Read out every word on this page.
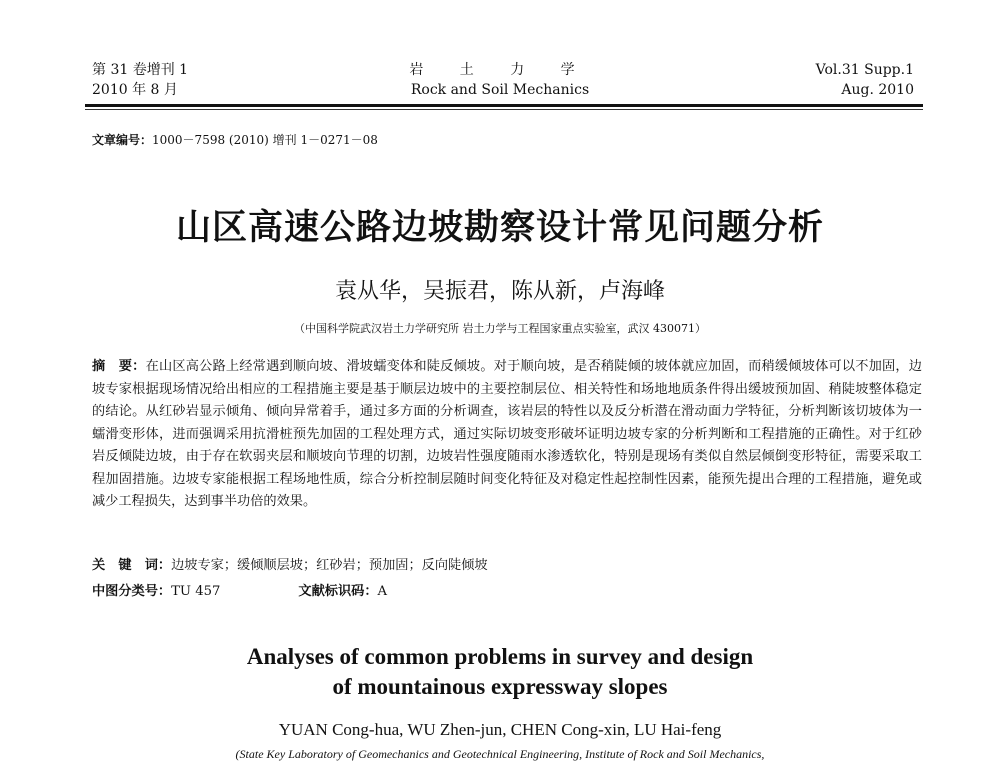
第 31 卷增刊 1
2010 年 8 月
岩 土 力 学
Rock and Soil Mechanics
Vol.31 Supp.1
Aug. 2010
文章编号：1000－7598 (2010) 增刊 1－0271－08
山区高速公路边坡勘察设计常见问题分析
袁从华，吴振君，陈从新，卢海峰
（中国科学院武汉岩土力学研究所 岩土力学与工程国家重点实验室，武汉 430071）
摘　要：在山区高公路上经常遇到顺向坡、滑坡蠕变体和陡反倾坡。对于顺向坡，是否稍陡倾的坡体就应加固，而稍缓倾坡体可以不加固，边坡专家根据现场情况给出相应的工程措施主要是基于顺层边坡中的主要控制层位、相关特性和场地地质条件得出缓坡预加固、稍陡坡整体稳定的结论。从红砂岩显示倾角、倾向异常着手，通过多方面的分析调查，该岩层的特性以及反分析潜在滑动面力学特征，分析判断该切坡体为一蠕滑变形体，进而强调采用抗滑桩预先加固的工程处理方式，通过实际切坡变形破坏证明边坡专家的分析判断和工程措施的正确性。对于红砂岩反倾陡边坡，由于存在软弱夹层和顺坡向节理的切割，边坡岩性强度随雨水渗透软化，特别是现场有类似自然层倾倒变形特征，需要采取工程加固措施。边坡专家能根据工程场地性质，综合分析控制层随时间变化特征及对稳定性起控制性因素，能预先提出合理的工程措施，避免或减少工程损失，达到事半功倍的效果。
关　键　词：边坡专家；缓倾顺层坡；红砂岩；预加固；反向陡倾坡
中图分类号：TU 457	文献标识码：A
Analyses of common problems in survey and design
of mountainous expressway slopes
YUAN Cong-hua, WU Zhen-jun, CHEN Cong-xin, LU Hai-feng
(State Key Laboratory of Geomechanics and Geotechnical Engineering, Institute of Rock and Soil Mechanics,
